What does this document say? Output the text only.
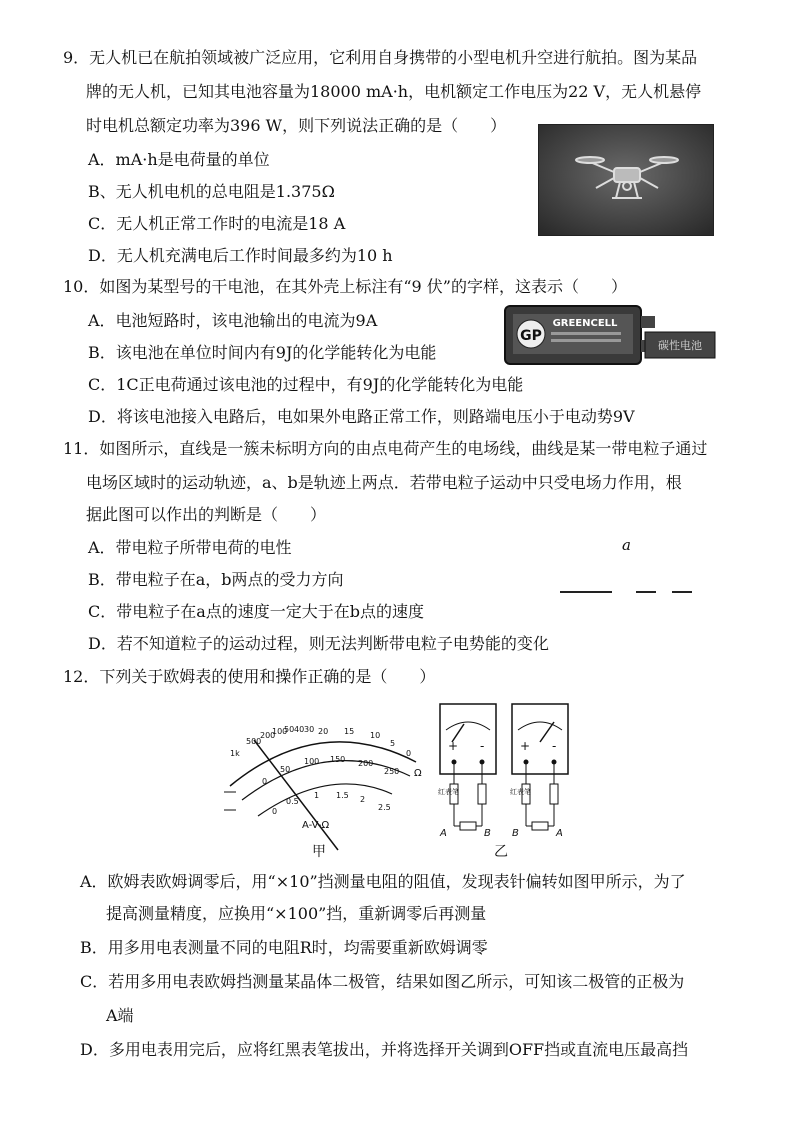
9．无人机已在航拍领域被广泛应用，它利用自身携带的小型电机升空进行航拍。图为某品
牌的无人机，已知其电池容量为18000 mA·h，电机额定工作电压为22 V，无人机悬停
时电机总额定功率为396 W，则下列说法正确的是（　　）
A．mA·h是电荷量的单位
B、无人机电机的总电阻是1.375Ω
C．无人机正常工作时的电流是18 A
D．无人机充满电后工作时间最多约为10 h
10．如图为某型号的干电池，在其外壳上标注有“9 伏”的字样，这表示（　　）
A．电池短路时，该电池输出的电流为9A
B．该电池在单位时间内有9J的化学能转化为电能
C．1C正电荷通过该电池的过程中，有9J的化学能转化为电能
D．将该电池接入电路后，电如果外电路正常工作，则路端电压小于电动势9V
GP
GREENCELL
碳性电池
11．如图所示，直线是一簇未标明方向的由点电荷产生的电场线，曲线是某一带电粒子通过
电场区域时的运动轨迹，a、b是轨迹上两点．若带电粒子运动中只受电场力作用，根
据此图可以作出的判断是（　　）
A．带电粒子所带电荷的电性
B．带电粒子在a，b两点的受力方向
C．带电粒子在a点的速度一定大于在b点的速度
D．若不知道粒子的运动过程，则无法判断带电粒子电势能的变化
a
12．下列关于欧姆表的使用和操作正确的是（　　）
1k
500
200
100
50 40 30 20 15 10
5
0
0
50
100 150 200
250
0
0.5
1 1.5 2
2.5
Ω
A-V-Ω
甲
+ -
红表笔
A	B
+ -
红表笔
B	A
乙
A．欧姆表欧姆调零后，用“×10”挡测量电阻的阻值，发现表针偏转如图甲所示，为了
提高测量精度，应换用“×100”挡，重新调零后再测量
B．用多用电表测量不同的电阻R时，均需要重新欧姆调零
C．若用多用电表欧姆挡测量某晶体二极管，结果如图乙所示，可知该二极管的正极为
A端
D．多用电表用完后，应将红黑表笔拔出，并将选择开关调到OFF挡或直流电压最高挡
